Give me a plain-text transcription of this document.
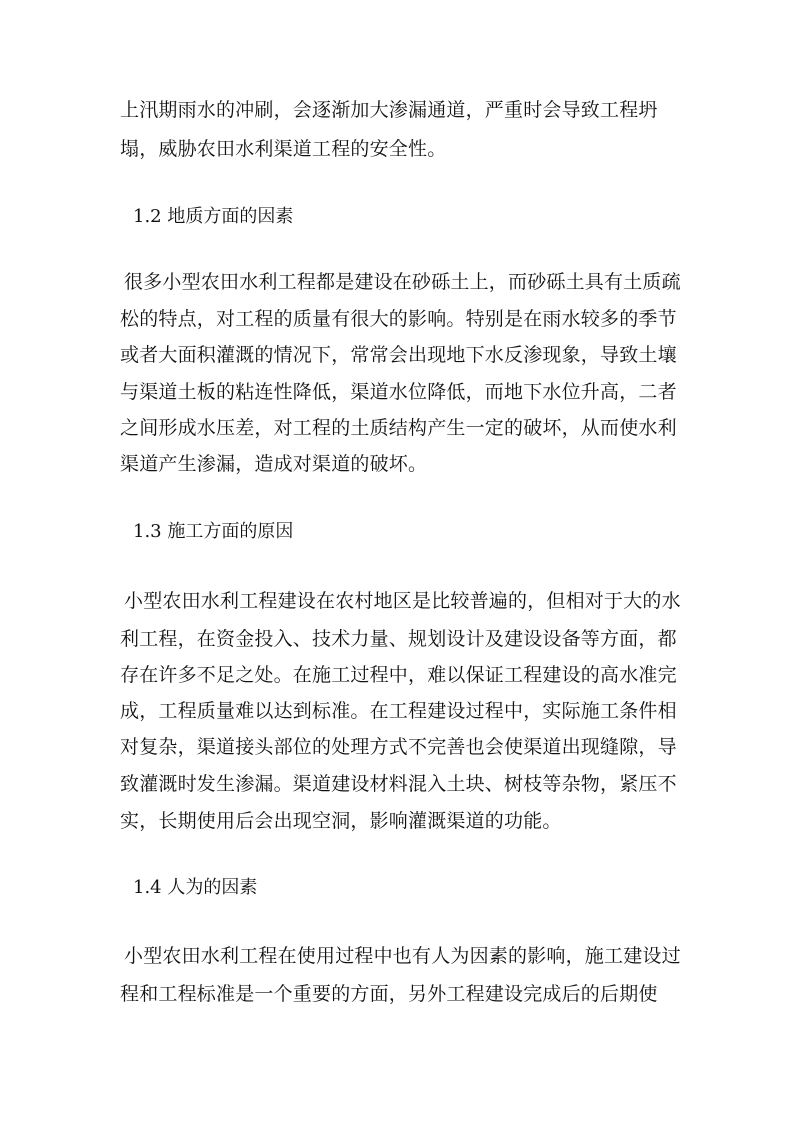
上汛期雨水的冲刷，会逐渐加大渗漏通道，严重时会导致工程坍
塌，威胁农田水利渠道工程的安全性。
1.2 地质方面的因素
很多小型农田水利工程都是建设在砂砾土上，而砂砾土具有土质疏
松的特点，对工程的质量有很大的影响。特别是在雨水较多的季节
或者大面积灌溉的情况下，常常会出现地下水反渗现象，导致土壤
与渠道土板的粘连性降低，渠道水位降低，而地下水位升高，二者
之间形成水压差，对工程的土质结构产生一定的破坏，从而使水利
渠道产生渗漏，造成对渠道的破坏。
1.3 施工方面的原因
小型农田水利工程建设在农村地区是比较普遍的，但相对于大的水
利工程，在资金投入、技术力量、规划设计及建设设备等方面，都
存在许多不足之处。在施工过程中，难以保证工程建设的高水准完
成，工程质量难以达到标准。在工程建设过程中，实际施工条件相
对复杂，渠道接头部位的处理方式不完善也会使渠道出现缝隙，导
致灌溉时发生渗漏。渠道建设材料混入土块、树枝等杂物，紧压不
实，长期使用后会出现空洞，影响灌溉渠道的功能。
1.4 人为的因素
小型农田水利工程在使用过程中也有人为因素的影响，施工建设过
程和工程标准是一个重要的方面，另外工程建设完成后的后期使
